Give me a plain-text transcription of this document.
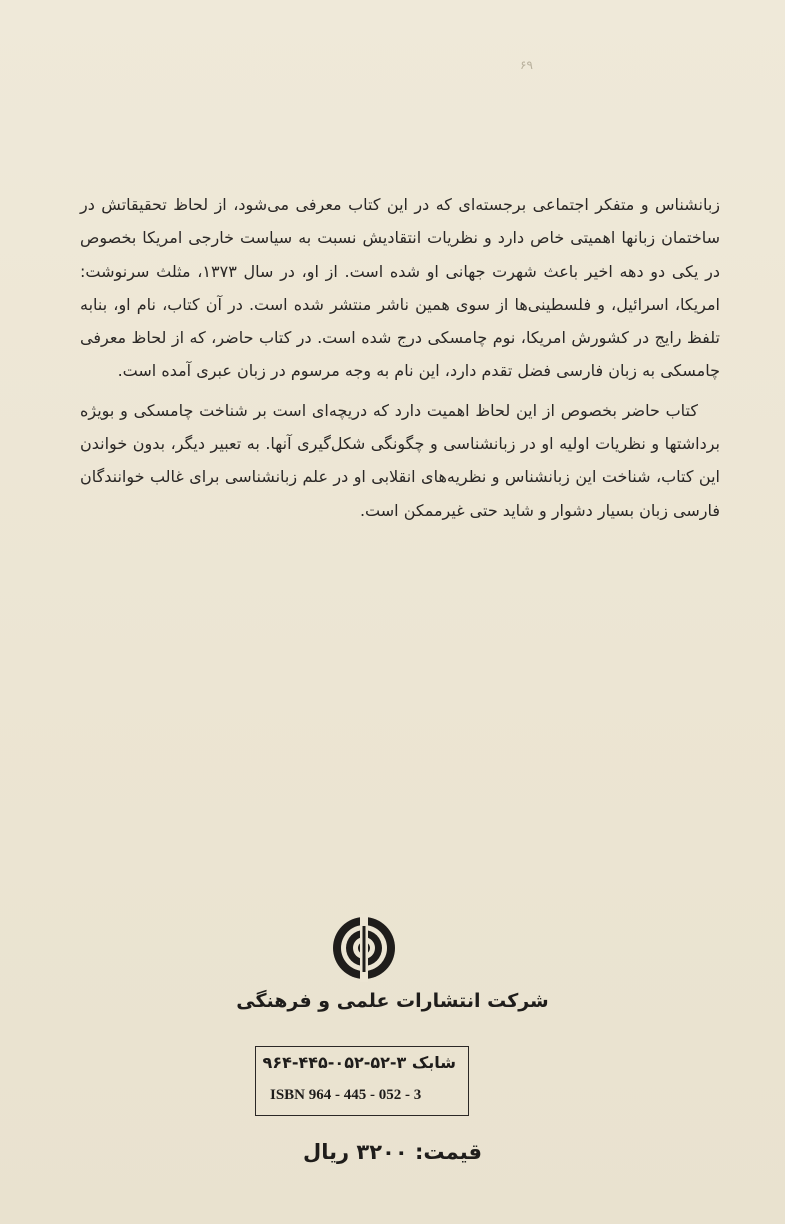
۶۹

زبانشناس و متفکر اجتماعی برجسته‌ای که در این کتاب معرفی می‌شود، از لحاظ تحقیقاتش در ساختمان زبانها اهمیتی خاص دارد و نظریات انتقادیش نسبت به سیاست خارجی امریکا بخصوص در یکی دو دهه اخیر باعث شهرت جهانی او شده است. از او، در سال ۱۳۷۳، مثلث سرنوشت: امریکا، اسرائیل، و فلسطینی‌ها از سوی همین ناشر منتشر شده است. در آن کتاب، نام او، بنابه تلفظ رایج در کشورش امریکا، نوم چامسکی درج شده است. در کتاب حاضر، که از لحاظ معرفی چامسکی به زبان فارسی فضل تقدم دارد، این نام به وجه مرسوم در زبان عبری آمده است.

کتاب حاضر بخصوص از این لحاظ اهمیت دارد که دریچه‌ای است بر شناخت چامسکی و بویژه برداشتها و نظریات اولیه او در زبانشناسی و چگونگی شکل‌گیری آنها. به تعبیر دیگر، بدون خواندن این کتاب، شناخت این زبانشناس و نظریه‌های انقلابی او در علم زبانشناسی برای غالب خوانندگان فارسی زبان بسیار دشوار و شاید حتی غیرممکن است.

شرکت انتشارات علمی و فرهنگی
شابک ۳-۵۲-۰۵۲-۴۴۵-۹۶۴
ISBN 964 - 445 - 052 - 3
قیمت: ۳۲۰۰ ریال
